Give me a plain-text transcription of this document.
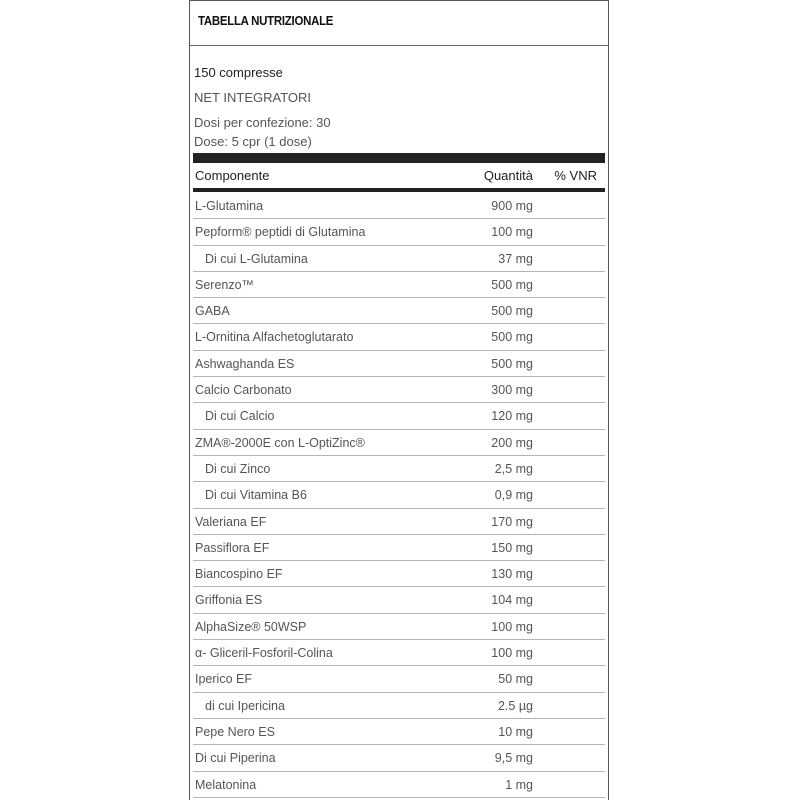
TABELLA NUTRIZIONALE
150 compresse
NET INTEGRATORI
Dosi per confezione: 30
Dose: 5 cpr (1 dose)
Componente	Quantità % VNR
L-Glutamina	900 mg
Pepform® peptidi di Glutamina	100 mg
Di cui L-Glutamina	37 mg
Serenzo™	500 mg
GABA	500 mg
L-Ornitina Alfachetoglutarato	500 mg
Ashwaghanda ES	500 mg
Calcio Carbonato	300 mg
Di cui Calcio	120 mg
ZMA®-2000E con L-OptiZinc®	200 mg
Di cui Zinco	2,5 mg
Di cui Vitamina B6	0,9 mg
Valeriana EF	170 mg
Passiflora EF	150 mg
Biancospino EF	130 mg
Griffonia ES	104 mg
AlphaSize® 50WSP	100 mg
α- Gliceril-Fosforil-Colina	100 mg
Iperico EF	50 mg
di cui Ipericina	2.5 µg
Pepe Nero ES	10 mg
Di cui Piperina	9,5 mg
Melatonina	1 mg
